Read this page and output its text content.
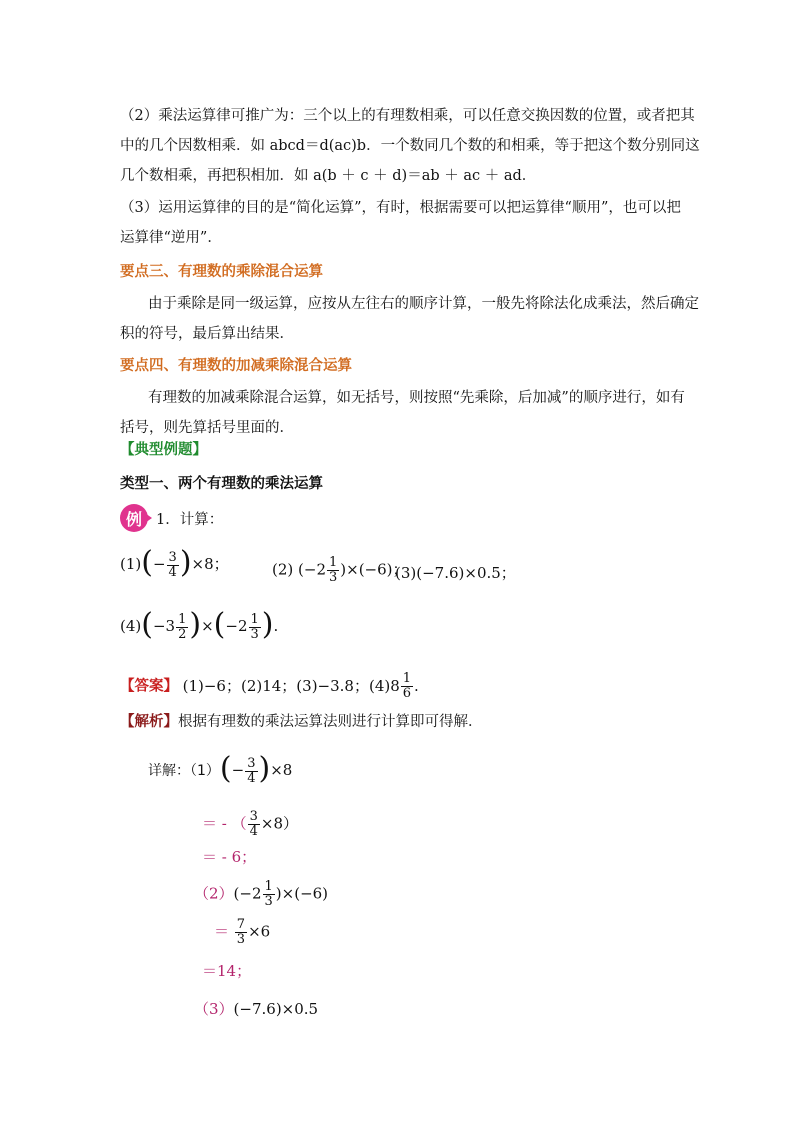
（2）乘法运算律可推广为：三个以上的有理数相乘，可以任意交换因数的位置，或者把其
中的几个因数相乘．如 abcd＝d(ac)b．一个数同几个数的和相乘，等于把这个数分别同这
几个数相乘，再把积相加．如 a(b ＋ c ＋ d)＝ab ＋ ac ＋ ad．
（3）运用运算律的目的是“简化运算”，有时，根据需要可以把运算律“顺用”，也可以把
运算律“逆用”．
要点三、有理数的乘除混合运算
由于乘除是同一级运算，应按从左往右的顺序计算，一般先将除法化成乘法，然后确定
积的符号，最后算出结果．
要点四、有理数的加减乘除混合运算
有理数的加减乘除混合运算，如无括号，则按照“先乘除，后加减”的顺序进行，如有
括号，则先算括号里面的．
【典型例题】
类型一、两个有理数的乘法运算
例 1．计算：
$(1)(- \frac{3}{4} )\times 8$；	(2) $(-2 \frac{1}{3} )\times(-6)$；
(3)(−7.6)×0.5；
$(4)(-3 \frac{1}{2} )\times(-2 \frac{1}{3}$ ).
【答案】 (1)−6；(2)14；(3)−3.8；$(4)8 \frac{1}{6}$ .
【解析】根据有理数的乘法运算法则进行计算即可得解．
详解：$(1)(- \frac{3}{4} )\times 8$
＝ - （ $\frac{3}{4} \times 8$）
＝ - 6；
$(2)(-2 \frac{1}{3} )\times(-6)$
＝ $\frac{7}{3} \times 6$
＝14；
（3）(−7.6)×0.5
